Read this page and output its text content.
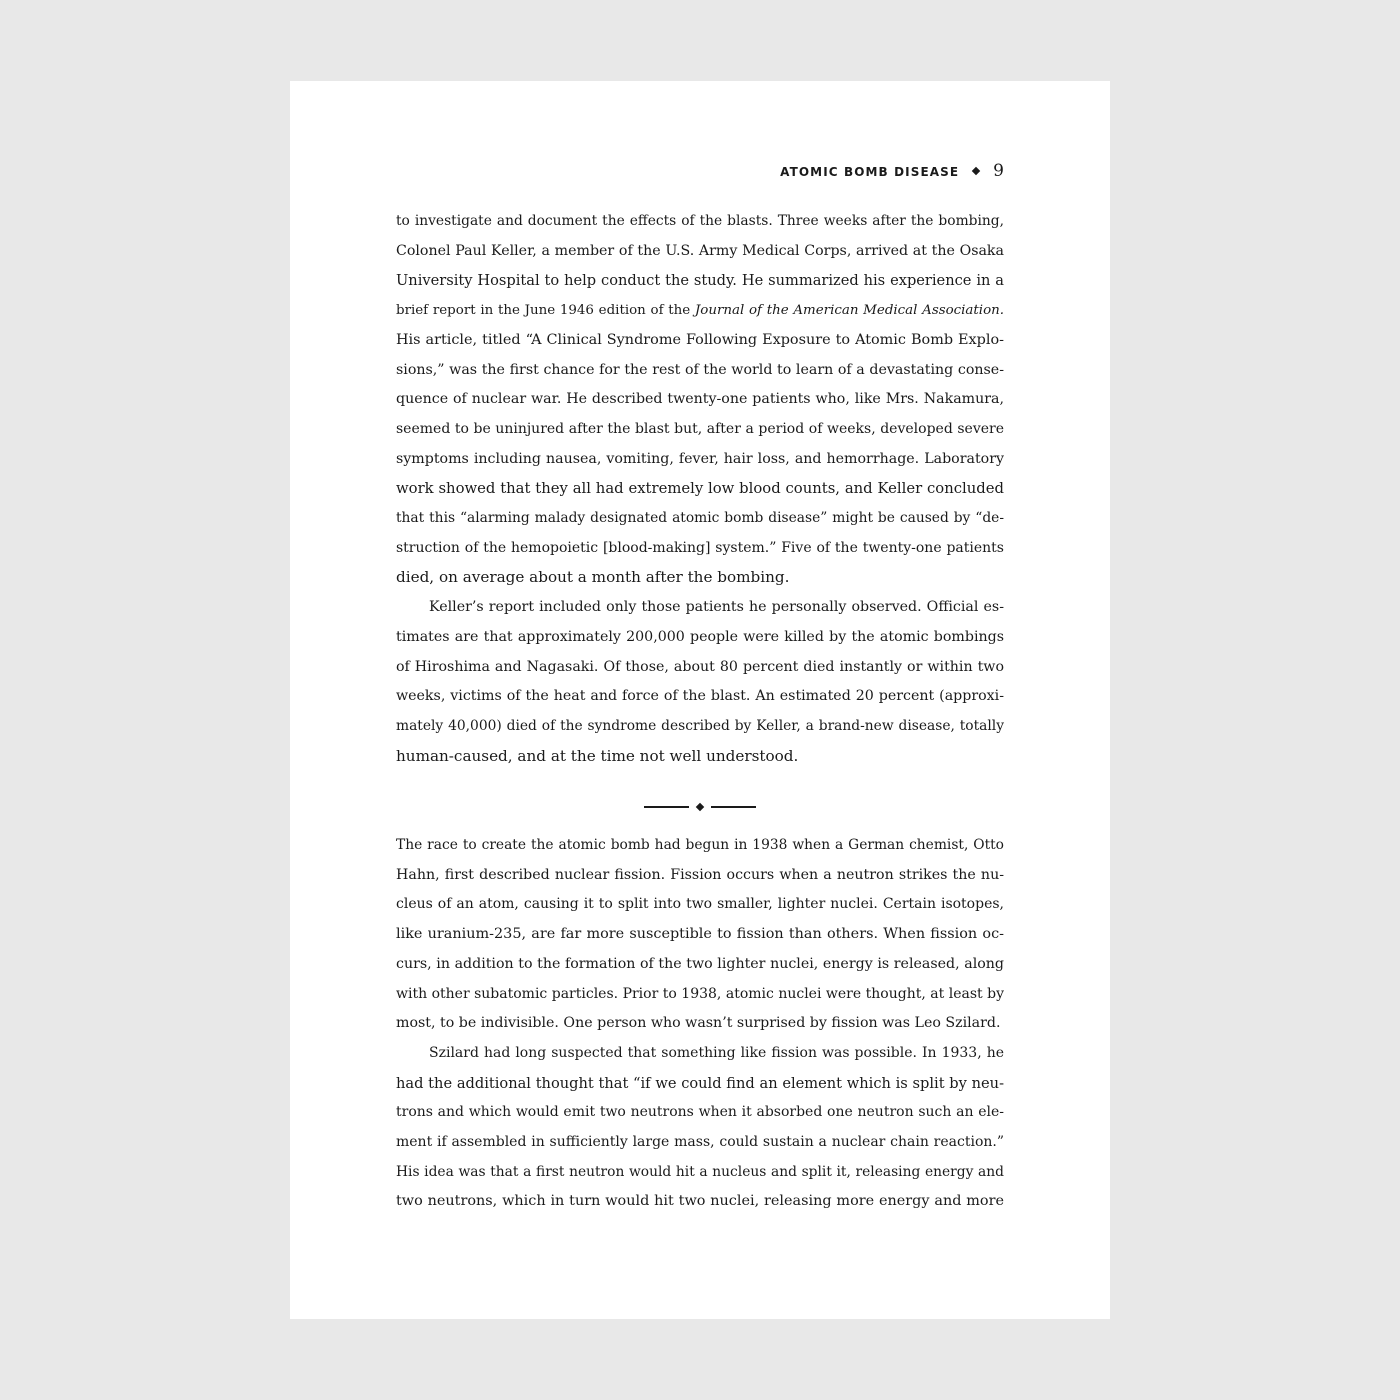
ATOMIC BOMB DISEASE 9

to investigate and document the effects of the blasts. Three weeks after the bombing,

Colonel Paul Keller, a member of the U.S. Army Medical Corps, arrived at the Osaka

University Hospital to help conduct the study. He summarized his experience in a

brief report in the June 1946 edition of the Journal of the American Medical Association.

His article, titled “A Clinical Syndrome Following Exposure to Atomic Bomb Explo-

sions,” was the first chance for the rest of the world to learn of a devastating conse-

quence of nuclear war. He described twenty-one patients who, like Mrs. Nakamura,

seemed to be uninjured after the blast but, after a period of weeks, developed severe

symptoms including nausea, vomiting, fever, hair loss, and hemorrhage. Laboratory

work showed that they all had extremely low blood counts, and Keller concluded

that this “alarming malady designated atomic bomb disease” might be caused by “de-

struction of the hemopoietic [blood-making] system.” Five of the twenty-one patients

died, on average about a month after the bombing.

Keller’s report included only those patients he personally observed. Official es-

timates are that approximately 200,000 people were killed by the atomic bombings

of Hiroshima and Nagasaki. Of those, about 80 percent died instantly or within two

weeks, victims of the heat and force of the blast. An estimated 20 percent (approxi-

mately 40,000) died of the syndrome described by Keller, a brand-new disease, totally

human-caused, and at the time not well understood.

The race to create the atomic bomb had begun in 1938 when a German chemist, Otto

Hahn, first described nuclear fission. Fission occurs when a neutron strikes the nu-

cleus of an atom, causing it to split into two smaller, lighter nuclei. Certain isotopes,

like uranium-235, are far more susceptible to fission than others. When fission oc-

curs, in addition to the formation of the two lighter nuclei, energy is released, along

with other subatomic particles. Prior to 1938, atomic nuclei were thought, at least by

most, to be indivisible. One person who wasn’t surprised by fission was Leo Szilard.

Szilard had long suspected that something like fission was possible. In 1933, he

had the additional thought that “if we could find an element which is split by neu-

trons and which would emit two neutrons when it absorbed one neutron such an ele-

ment if assembled in sufficiently large mass, could sustain a nuclear chain reaction.”

His idea was that a first neutron would hit a nucleus and split it, releasing energy and

two neutrons, which in turn would hit two nuclei, releasing more energy and more
